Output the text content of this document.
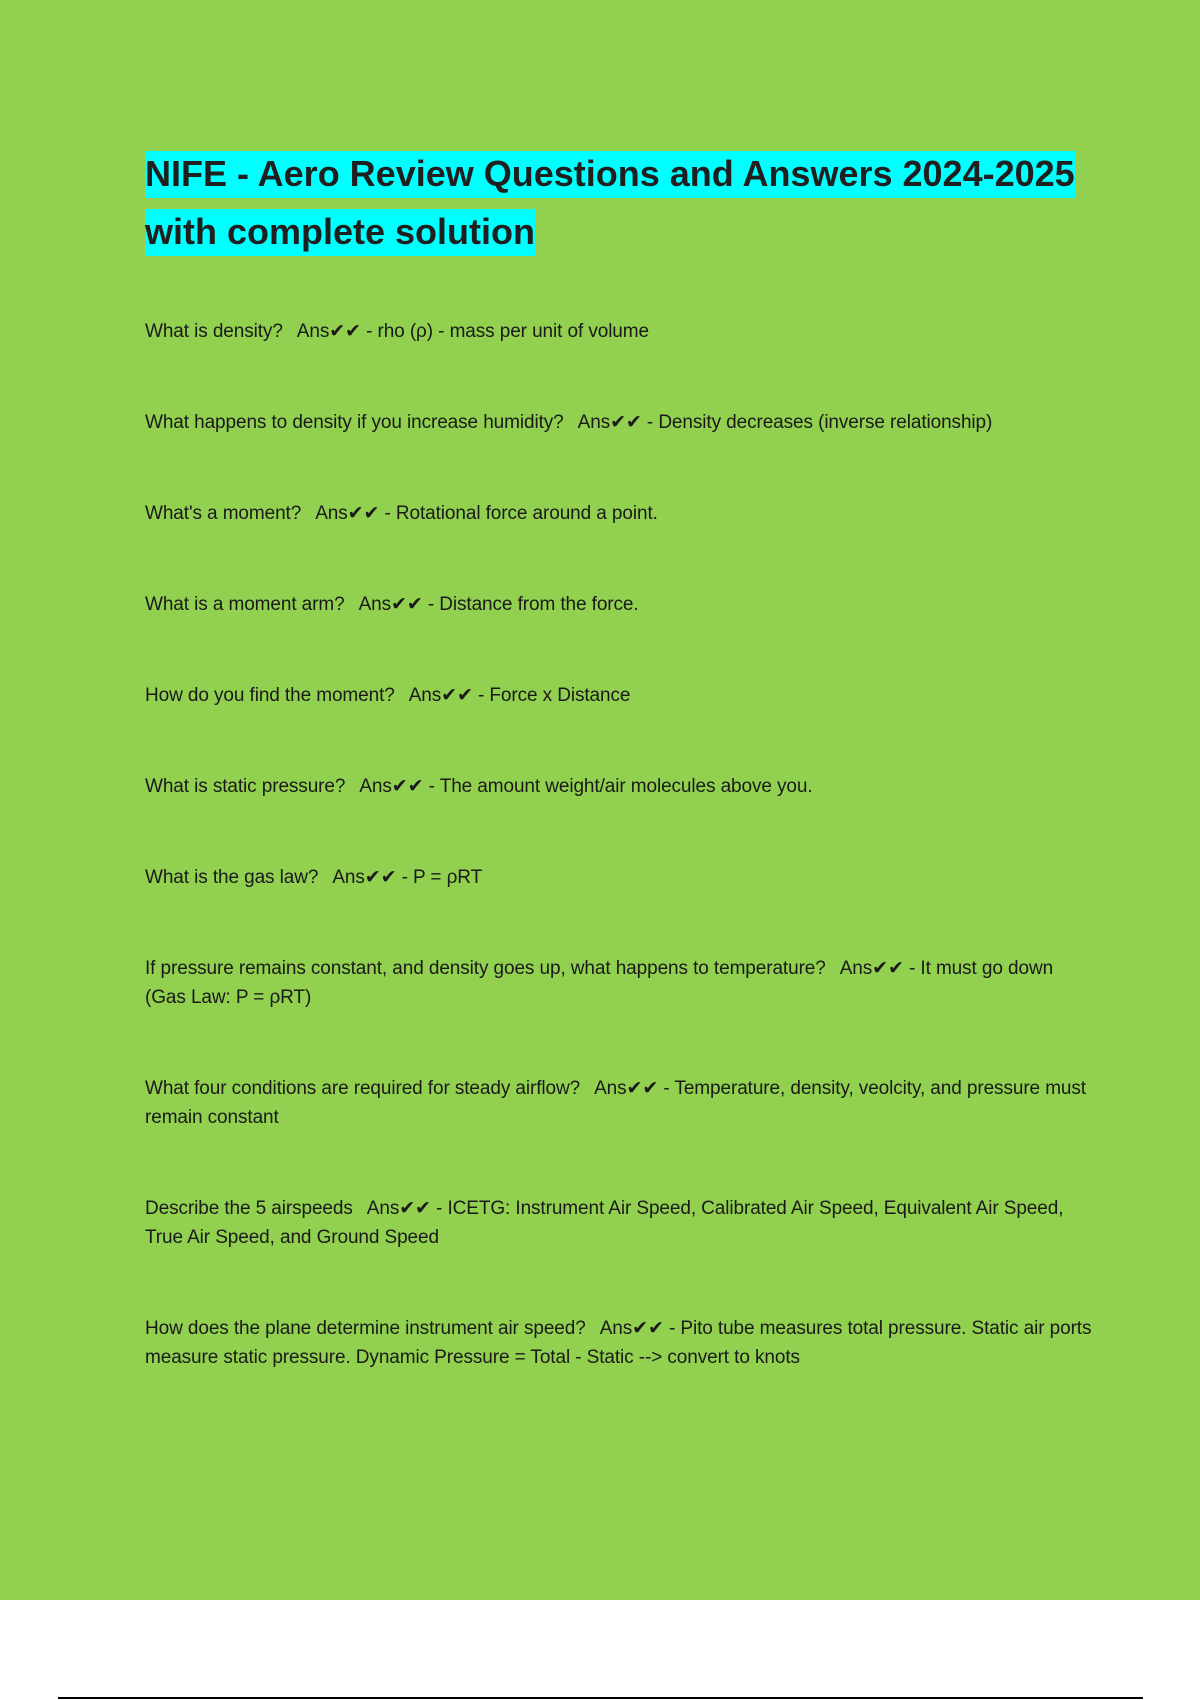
NIFE - Aero Review Questions and Answers 2024-2025 with complete solution

What is density? Ans✔✔ - rho (ρ) - mass per unit of volume

What happens to density if you increase humidity? Ans✔✔ - Density decreases (inverse relationship)

What's a moment? Ans✔✔ - Rotational force around a point.

What is a moment arm? Ans✔✔ - Distance from the force.

How do you find the moment? Ans✔✔ - Force x Distance

What is static pressure? Ans✔✔ - The amount weight/air molecules above you.

What is the gas law? Ans✔✔ - P = ρRT

If pressure remains constant, and density goes up, what happens to temperature? Ans✔✔ - It must go down (Gas Law: P = ρRT)

What four conditions are required for steady airflow? Ans✔✔ - Temperature, density, veolcity, and pressure must remain constant

Describe the 5 airspeeds Ans✔✔ - ICETG: Instrument Air Speed, Calibrated Air Speed, Equivalent Air Speed, True Air Speed, and Ground Speed

How does the plane determine instrument air speed? Ans✔✔ - Pito tube measures total pressure. Static air ports measure static pressure. Dynamic Pressure = Total - Static --> convert to knots
